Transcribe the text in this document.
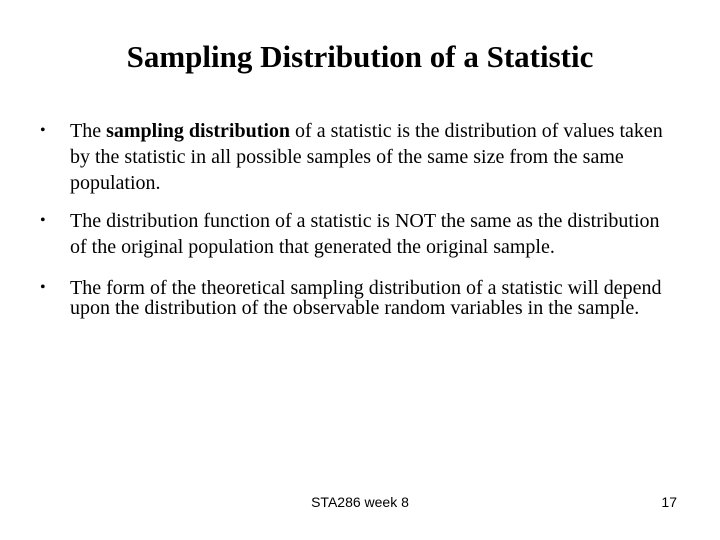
Sampling Distribution of a Statistic
• The sampling distribution of a statistic is the distribution of values taken by the statistic in all possible samples of the same size from the same population.
• The distribution function of a statistic is NOT the same as the distribution of the original population that generated the original sample.
• The form of the theoretical sampling distribution of a statistic will depend upon the distribution of the observable random variables in the sample.
STA286 week 8	17
